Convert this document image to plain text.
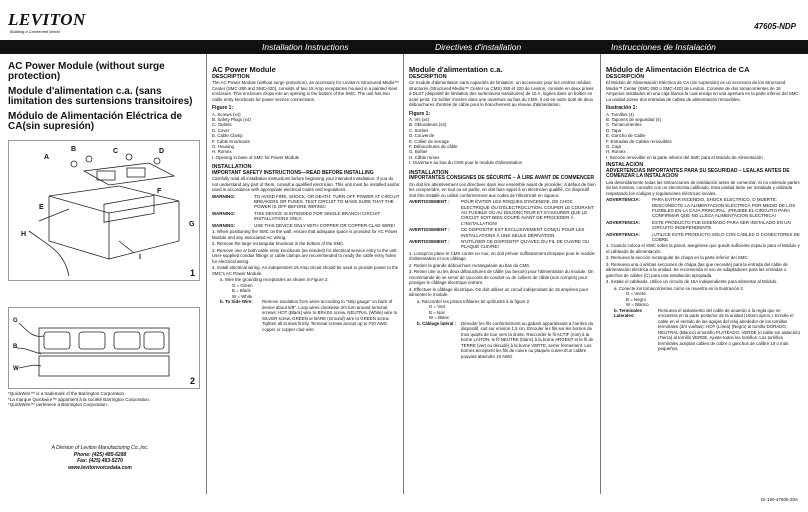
LEVITON
Building a Connected World
47605-NDP
Installation Instructions	Directives d'installation	Instrucciones de Instalación
AC Power Module (without surge protection)
Module d'alimentation c.a. (sans limitation des surtensions transitoires)
Módulo de Alimentación Eléctrica de CA(sin supresión)
A
B	C	D
E
F
G
H
I
1
G
B
W
2
*QuickWire™ is a trademark of the Barrington Corporation.
*La marque Quickwire™ appartient à la société Barrington Corporation.
*QuickWire™ pertenece a Barrington Corporation.
A Division of Leviton Manufacturing Co.,Inc.
Phone: (425) 485-6288
Fax: (425) 483-5270
www.levitonvoicedata.com
AC Power Module
DESCRIPTION

The AC Power Module (without surge protection), an accessory for Leviton's Structured Media™ Center (SMC-280 and SMC-420), consists of two 15 Amp receptacles housed in a painted steel enclosure. This enclosure drops into an opening in the bottom of the SMC. The unit has two cable entry knockouts for power service connections.

Figure 1:
A. Screws (x4)
B. Safety Plugs (x4)
C. Outlets
D. Cover
E. Cable Clamp
F. Cable Knockouts
G. Housing
H. Romex
I. Opening in base of SMC for Power Module
INSTALLATION
IMPORTANT SAFETY INSTRUCTIONS—READ BEFORE INSTALLING

Carefully read all installation instructions before beginning your intended installation. If you do not understand any part of them, consult a qualified electrician. This unit must be installed and/or used in accordance with appropriate electrical codes and regulations.

WARNING:	TO AVOID FIRE, SHOCK, OR DEATH: TURN OFF POWER AT CIRCUIT BREAKERS OR FUSES. TEST CIRCUIT TO MAKE SURE THAT THE POWER IS OFF BEFORE WIRING!
WARNING:	THIS DEVICE IS INTENDED FOR SINGLE BRANCH CIRCUIT INSTALLATIONS ONLY.
WARNING:	USE THIS DEVICE ONLY WITH COPPER OR COPPER-CLAD WIRE!

1. When positioning the SMC on the wall, ensure that adequate space is provided for AC Power Module and any associated AC wiring.

2. Remove the large rectangular knockout in the bottom of the SMC.

3. Remove one or both cable entry knockouts (as needed) for electrical service entry to the unit. User-supplied conduit fittings or cable clamps are recommended to ready the cable entry holes for electrical wiring.

4. Install electrical wiring. An independent 15 Amp circuit should be used to provide power to the SMC's AC Power Module.

a. Wire the grounding receptacles as shown in Figure 2.
G = Green
B = Black
W = White
b. To Side Wire:	Remove insulation from wires according to "strip gauge" on back of device about 5/8". Loop wires clockwise 3/4 turn around terminal screws: HOT (Black) wire to BRASS screw, NEUTRAL (White) wire to SILVER screw, GREEN or BARE (Ground) wire to GREEN screw. Tighten all screws firmly. Terminal screws accept up to #10 AWG copper or copper clad wire.
Module d'alimentation c.a.
DESCRIPTION

Ce module d'alimentation sans capacités de limitation, un accessoire pour les centres médias structurés (Structured Media™ Center ou CMS) 280 et 420 de Leviton, consiste en deux prises à DLST (dispositif de limitation des surtensions transitoires) de 15 A, logées dans un boîtier en acier peint. Ce boîtier s'insère dans une ouverture au bas du CMS. Il est en outre doté de deux débouchures d'entrée de câble pour le branchement au réseau d'alimentation.

Figure 1:
A. Vis (x4)
B. Obturateurs (x4)
C. Sorties
D. Couvercle
E. Collier de serrage
F. Débouchures de câble
G. Boîtier
H. Câble romex
I. Ouverture au bas du CMS pour le module d'alimentation
INSTALLATION
IMPORTANTES CONSIGNES DE SÉCURITÉ – À LIRE AVANT DE COMMENCER

On doit lire attentivement ces directives dans leur ensemble avant de procéder; à défaut de bien les comprendre, en tout ou en partie, on doit faire appel à un électricien qualifié. Ce dispositif doit être installé ou utilisé conformément aux codes de l'électricité en vigueur.

AVERTISSEMENT :	POUR ÉVITER LES RISQUES D'INCENDIE, DE CHOC ÉLECTRIQUE OU D'ÉLECTROCUTION, COUPER LE COURANT AU FUSIBLE OU AU DISJONCTEUR ET S'ASSURER QUE LE CIRCUIT SOIT BIEN COUPÉ AVANT DE PROCÉDER À L'INSTALLATION!
AVERTISSEMENT :	CE DISPOSITIF EST EXCLUSIVEMENT CONÇU POUR LES INSTALLATIONS À UNE SEULE DÉRIVATION.
AVERTISSEMENT :	N'UTILISER CE DISPOSITIF QU'AVEC DU FIL DE CUIVRE OU PLAQUÉ CUIVRE!

1. Lorsqu'on place le CMS contre un mur, on doit prévoir suffisamment d'espace pour le module d'alimentation et son câblage.

2. Retirer la grande débouchure rectangulaire au bas du CMS.

3. Retirer une ou les deux débouchures de câble (au besoin) pour l'alimentation du module. On recommande de se servir de raccords de conduit ou de colliers de câble (non compris) pour protéger le câblage électrique entrant.

4. Effectuer le câblage électrique. On doit utiliser un circuit indépendant de 15 ampères pour alimenter le module.

a. Raccorder les prises trifilaires tel qu'illustré à la figure 2.
G = Vert
B = Noir
W = Blanc
b. Câblage latéral :	Dénuder les fils conformément au gabarit apparaissant à l'arrière du dispositif, soit sur environ 1,5 cm. Enrouler les fils sur les bornes de trois quarts de tour vers la droite. Raccorder le fil ACTIF (noir) à la borne LAITON, le fil NEUTRE (blanc) à la borne ARGENT et le fil de TERRE (vert ou dénudé) à la borne VERTE; serrer fermement. Les bornes acceptent les fils de cuivre ou plaqués cuivre d'un calibre pouvant atteindre 10 AWG.
Módulo de Alimentación Eléctrica de CA
DESCRIPCIÓN

El Módulo de Alimentación Eléctrica de CA (sin supresión) es un accesorio de los Structured Media™ Center (SMC-280 o SMC-420) de Leviton. Consiste de dos tomacorrientes de 15 Amperios instalados en una caja blanca la cual encaja en una apertura en la parte inferior del SMC. La unidad posee dos entradas de cables de alimentación removibles.

Ilustración 1:
A. Tornillos (4)
B. Tapones de seguridad (4)
C. Tomacorrientes
D. Tapa
E. Gancho de Cable
F. Entradas de Cables removibles
G. Caja
H. Romex
I. Sección removible en la parte inferior del SMC para el Módulo de Alimentación
INSTALACIÓN
ADVERTENCIAS IMPORTANTES PARA SU SEGURIDAD – LEALAS ANTES DE COMENZAR LA INSTALACION

Lea detenidamente todas las instrucciones de instalación antes de comenzar. Si no entiende partes de las mismas, consulte con un electricista calificado. Esta unidad debe ser instalada y utilizada respetando los códigos y regulaciones eléctricas locales.

ADVERTENCIA:	PARA EVITAR INCENDIO, SHOCK ELECTRICO, O MUERTE: DESCONECTE LA ALIMENTACION ELECTRICA POR MEDIO DE LOS FUSIBLES EN LA CAJA PRINCIPAL. ¡PRUEBE EL CIRCUITO PARA CONFIRMAR QUE NO LLEGA ALIMENTACION ELECTRICA!
ADVERTENCIA:	ESTE PRODUCTO FUE DISEÑADO PARA SER INSTALADO EN UN CIRCUITO INDEPENDIENTE.
ADVERTENCIA:	¡UTILICE ESTE PRODUCTO SOLO CON CABLES O CONECTORES DE COBRE.

1. Cuando coloca el SMC sobre la pared, asegúrese que quede suficiente espacio para el Módulo y el cableado de alimentación.

2. Remueva la sección rectangular de chapa en la parte inferior del SMC.

3. Remueva una o ambas secciones de chapa (las que necesite) para la entrada del cable de alimentación eléctrica a la unidad. Se recomienda el uso de adaptadores para las entradas o ganchos de cables (C) para una instalación apropiada.

4. Instale el cableado. Utilice un circuito de 15A independiente para alimentar al Módulo.

a. Conecte los tomacorrientes como se muestra en la Ilustración 2.
G = Verde
B = Negro
W = Blanco
b. Terminales Laterales:
Remueva el aislamiento del cable de acuerdo a la regla que se encuentra en la parte posterior de la unidad (15mm aprox.). Enrolle el cable en el sentido de las agujas del reloj alrededor de los tornillos terminales (3/4 vueltas): HOT (Línea) (Negro) al tornillo DORADO, NEUTRAL (Blanco) al tornillo PLATEADO, VERDE (o cable sin aislación) (Tierra) al tornillo VERDE. Ajuste todos los tornillos. Los tornillos terminales aceptan cables de cobre o ganchos de calibre 10 o más pequeños.
DI-150-47605-20A
